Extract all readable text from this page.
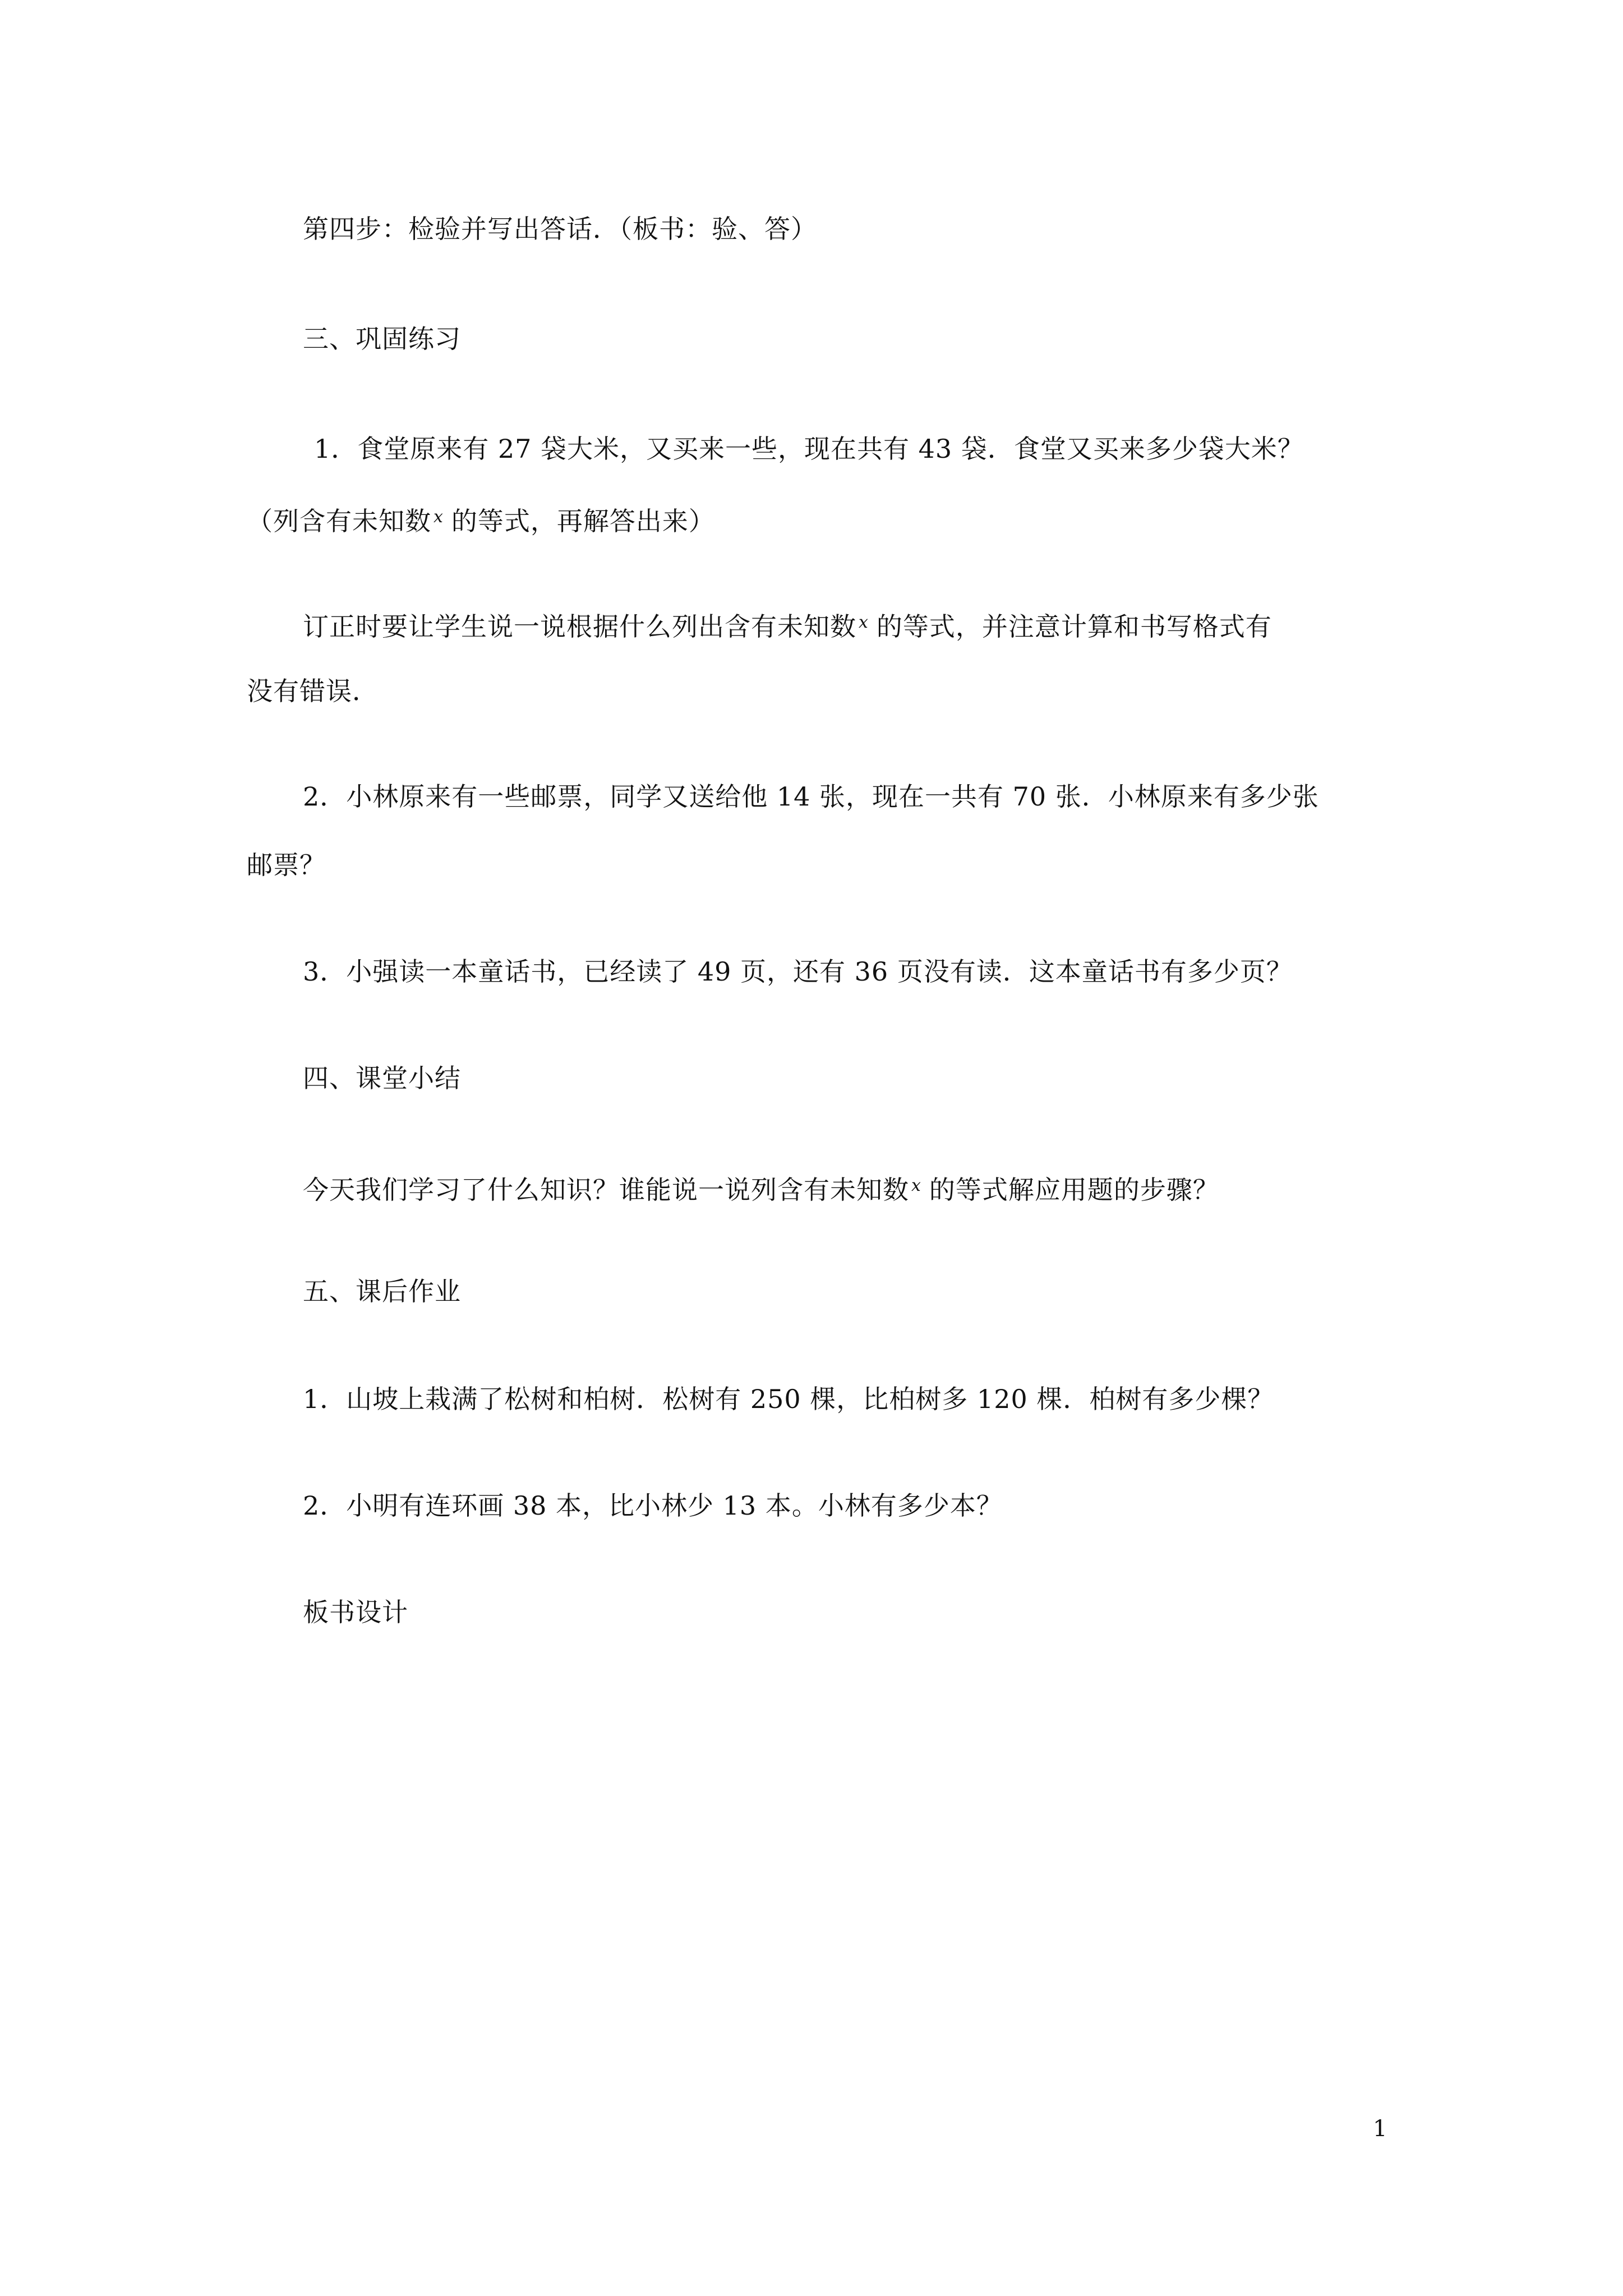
第四步：检验并写出答话．（板书：验、答）
三、巩固练习
1．食堂原来有 27 袋大米，又买来一些，现在共有 43 袋．食堂又买来多少袋大米？
（列含有未知数 $^x$ 的等式，再解答出来）
订正时要让学生说一说根据什么列出含有未知数 $^x$ 的等式，并注意计算和书写格式有
没有错误．
2．小林原来有一些邮票，同学又送给他 14 张，现在一共有 70 张．小林原来有多少张
邮票？
3．小强读一本童话书，已经读了 49 页，还有 36 页没有读．这本童话书有多少页？
四、课堂小结
今天我们学习了什么知识？谁能说一说列含有未知数 $^x$ 的等式解应用题的步骤？
五、课后作业
1．山坡上栽满了松树和柏树．松树有 250 棵，比柏树多 120 棵．柏树有多少棵？
2．小明有连环画 38 本，比小林少 13 本。小林有多少本？
板书设计
1
